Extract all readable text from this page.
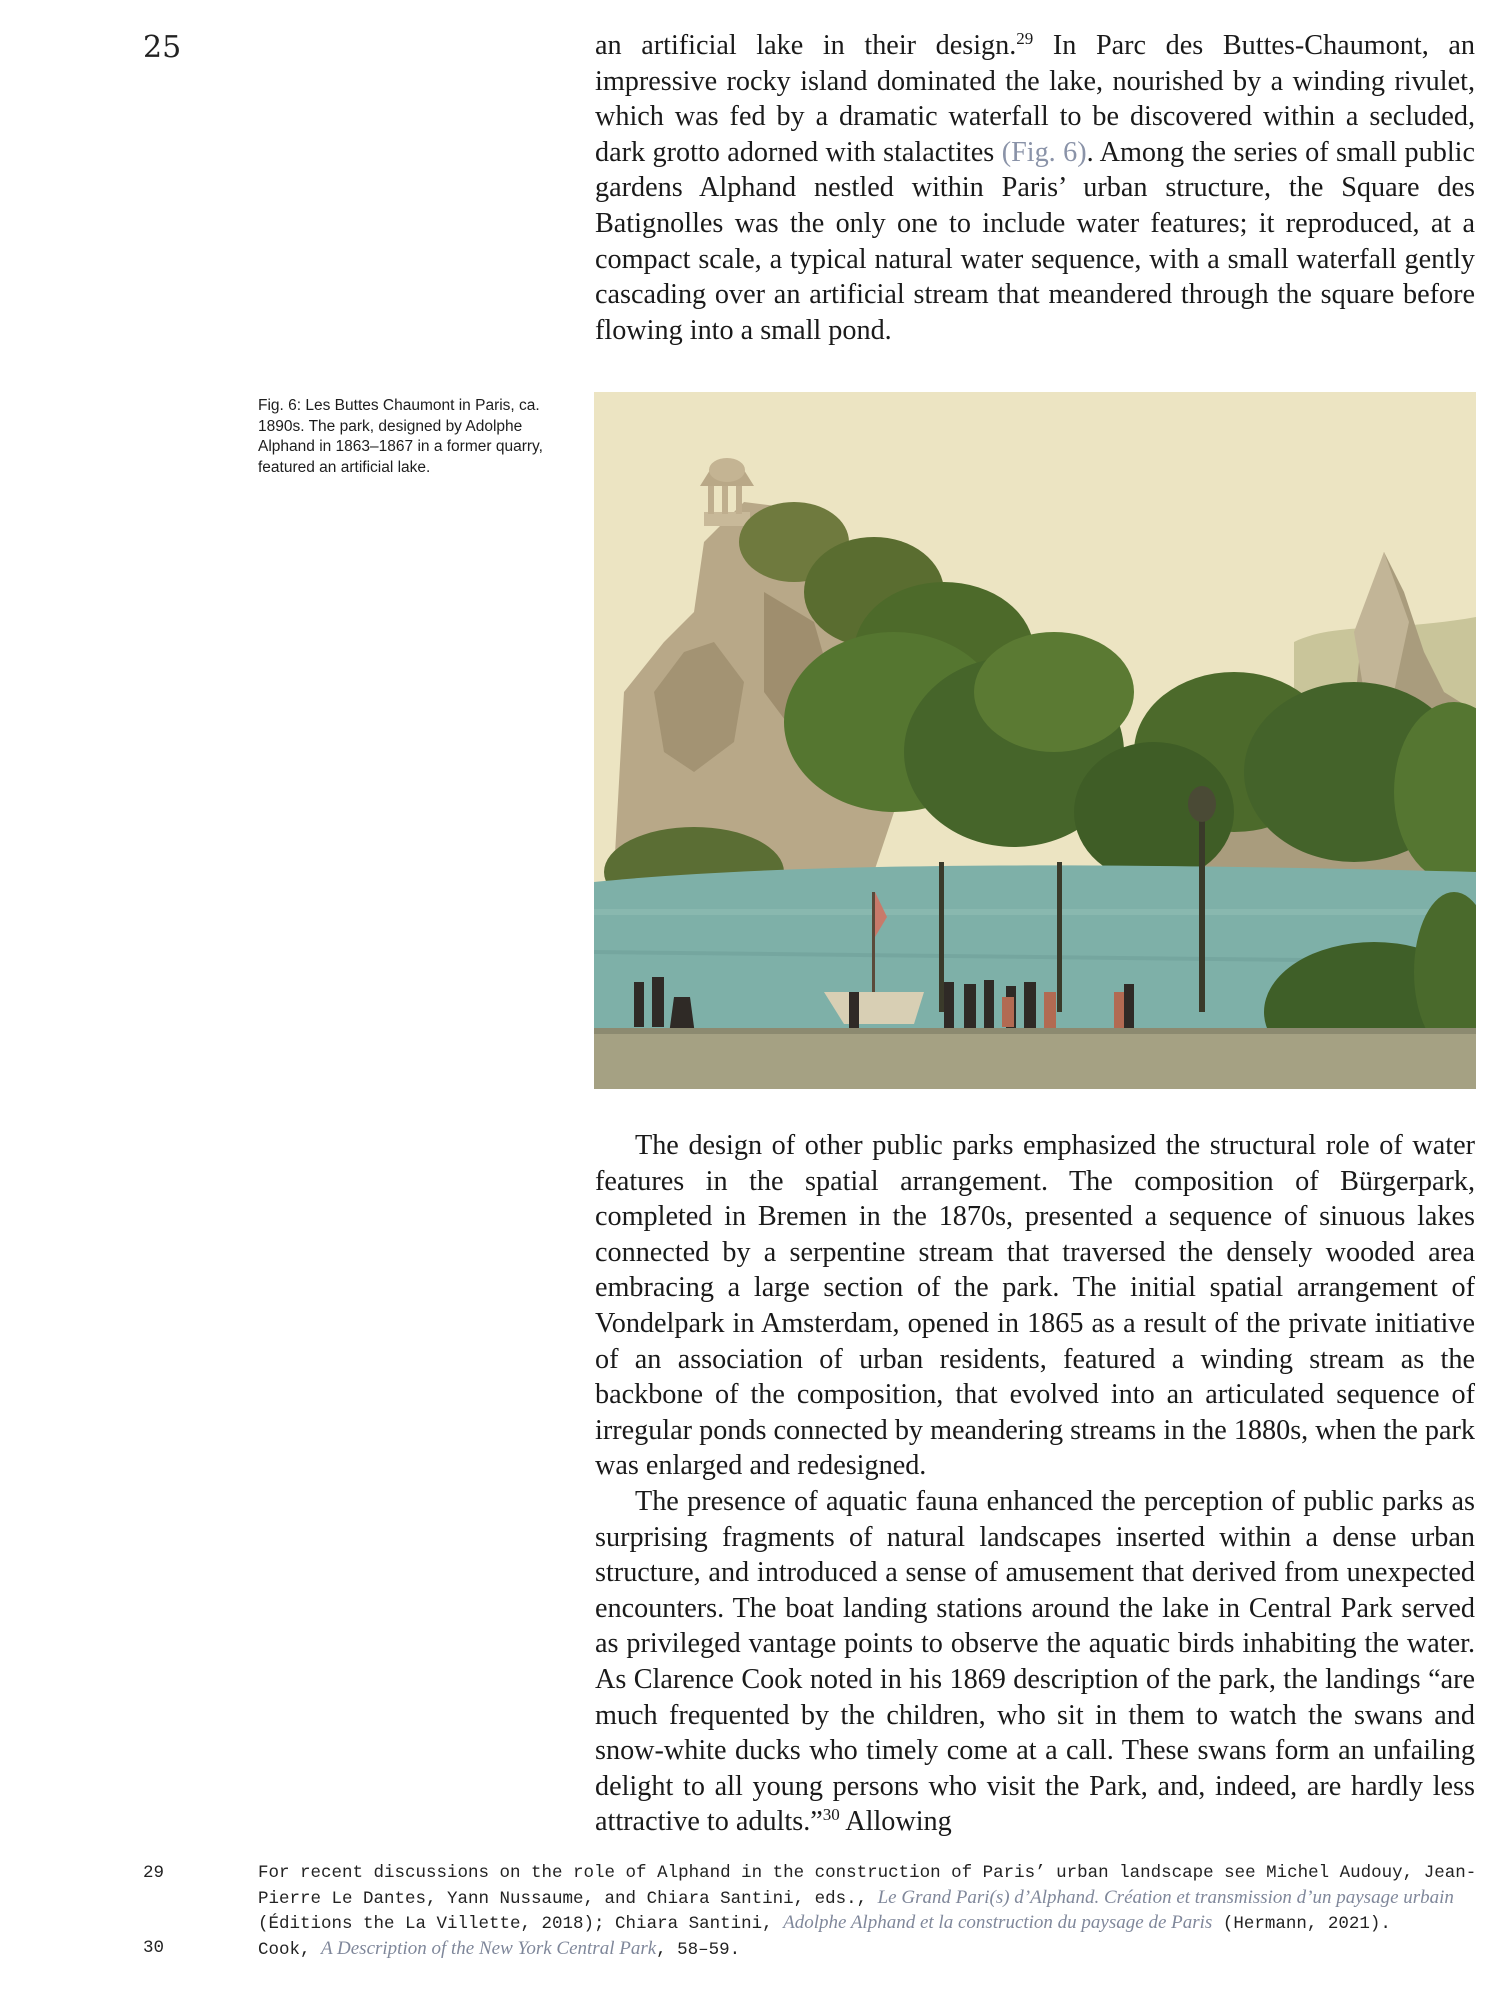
25	an artificial lake in their design.$^{29}$ In Parc des Buttes-Chaumont, an impressive rocky island dominated the lake, nourished by a winding rivulet, which was fed by a dramatic waterfall to be discovered within a secluded, dark grotto adorned with stalactites (Fig. 6). Among the series of small public gardens Alphand nestled within Paris’ urban structure, the Square des Batignolles was the only one to include water features; it reproduced, at a compact scale, a typical natural water sequence, with a small waterfall gently cascading over an artificial stream that meandered through the square before flowing into a small pond.

Fig. 6: Les Buttes Chaumont in Paris, ca. 1890s. The park, designed by Adolphe Alphand in 1863–1867 in a former quarry, featured an artificial lake.

The design of other public parks emphasized the structural role of water features in the spatial arrangement. The composition of Bürgerpark, completed in Bremen in the 1870s, presented a sequence of sinuous lakes connected by a serpentine stream that traversed the densely wooded area embracing a large section of the park. The initial spatial arrangement of Vondelpark in Amsterdam, opened in 1865 as a result of the private initiative of an association of urban residents, featured a winding stream as the backbone of the composition, that evolved into an articulated sequence of irregular ponds connected by meandering streams in the 1880s, when the park was enlarged and redesigned.

The presence of aquatic fauna enhanced the perception of public parks as surprising fragments of natural landscapes inserted within a dense urban structure, and introduced a sense of amusement that derived from unexpected encounters. The boat landing stations around the lake in Central Park served as privileged vantage points to observe the aquatic birds inhabiting the water. As Clarence Cook noted in his 1869 description of the park, the landings “are much frequented by the children, who sit in them to watch the swans and snow-white ducks who timely come at a call. These swans form an unfailing delight to all young persons who visit the Park, and, indeed, are hardly less attractive to adults.”$^{30}$ Allowing

29	For recent discussions on the role of Alphand in the construction of Paris’ urban landscape see Michel Audouy, Jean-Pierre Le Dantes, Yann Nussaume, and Chiara Santini, eds., Le Grand Pari(s) d’Alphand. Création et transmission d’un paysage urbain (Éditions the La Villette, 2018); Chiara Santini, Adolphe Alphand et la construction du paysage de Paris (Hermann, 2021).
30	Cook, A Description of the New York Central Park, 58–59.
